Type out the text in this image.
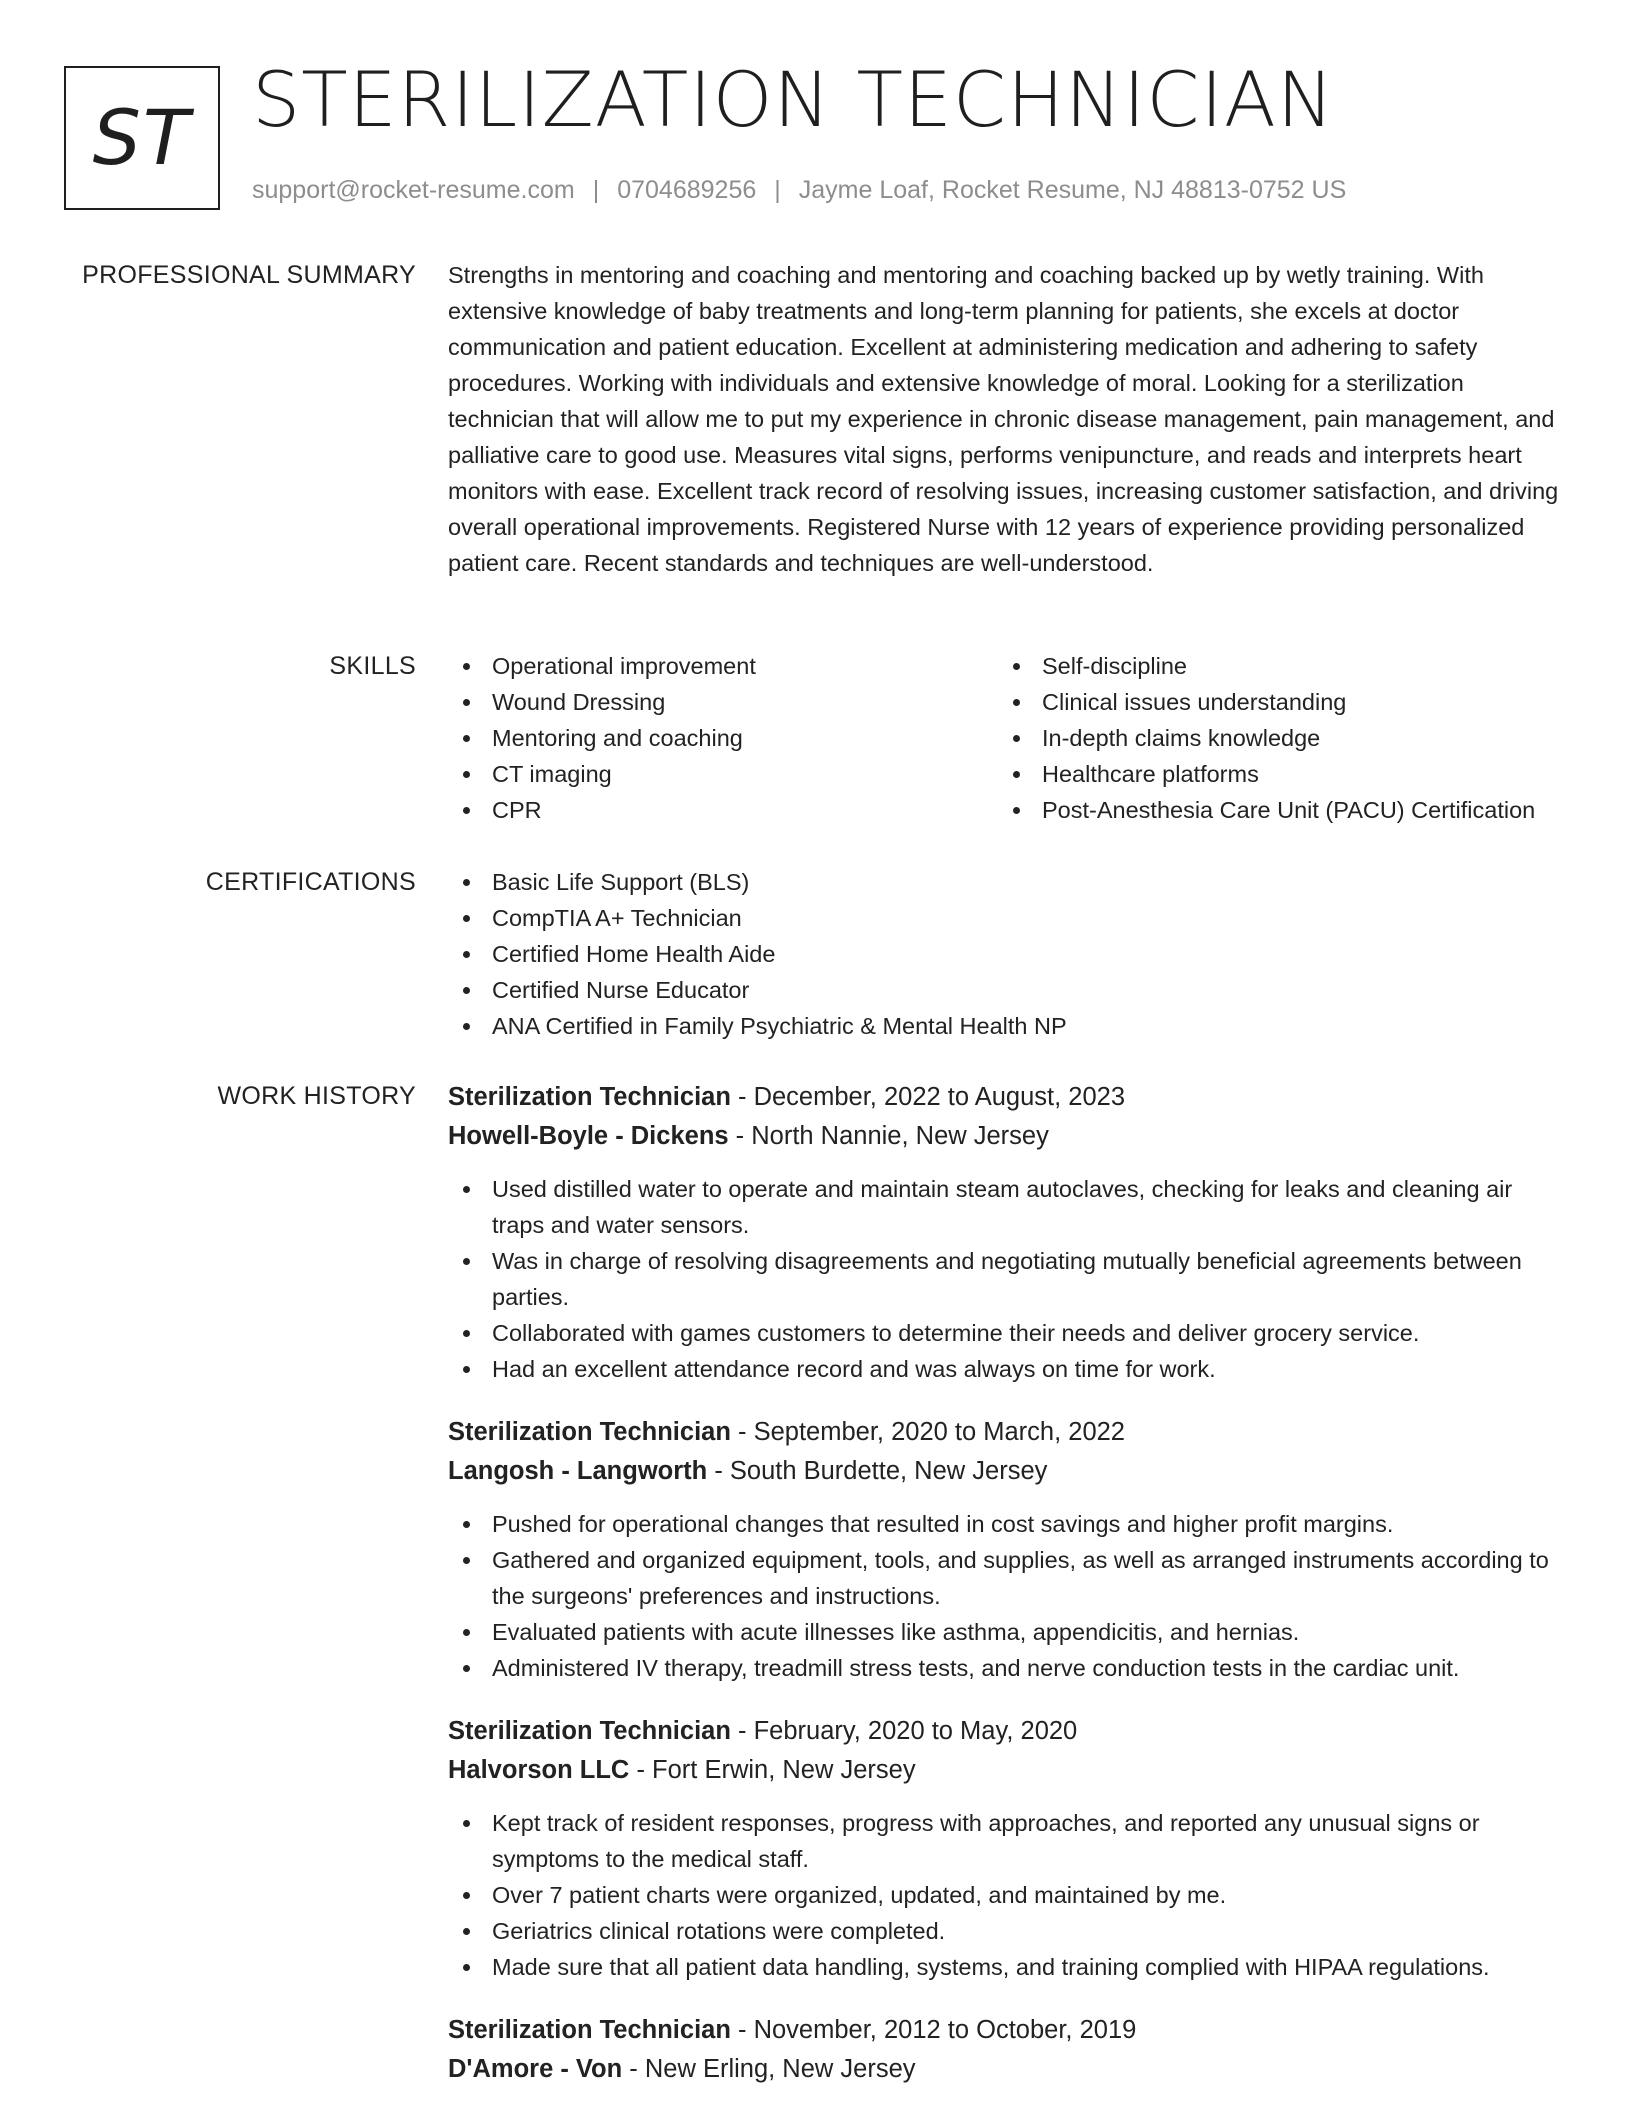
ST STERILIZATION TECHNICIAN
support@rocket-resume.com | 0704689256 | Jayme Loaf, Rocket Resume, NJ 48813-0752 US
PROFESSIONAL SUMMARY Strengths in mentoring and coaching and mentoring and coaching backed up by wetly training. With extensive knowledge of baby treatments and long-term planning for patients, she excels at doctor communication and patient education. Excellent at administering medication and adhering to safety procedures. Working with individuals and extensive knowledge of moral. Looking for a sterilization technician that will allow me to put my experience in chronic disease management, pain management, and palliative care to good use. Measures vital signs, performs venipuncture, and reads and interprets heart monitors with ease. Excellent track record of resolving issues, increasing customer satisfaction, and driving overall operational improvements. Registered Nurse with 12 years of experience providing personalized patient care. Recent standards and techniques are well-understood.
SKILLS	Operational improvement
Wound Dressing
Mentoring and coaching
CT imaging
CPR
Self-discipline
Clinical issues understanding
In-depth claims knowledge
Healthcare platforms
Post-Anesthesia Care Unit (PACU) Certification
CERTIFICATIONS	Basic Life Support (BLS)
CompTIA A+ Technician
Certified Home Health Aide
Certified Nurse Educator
ANA Certified in Family Psychiatric & Mental Health NP
WORK HISTORY Sterilization Technician - December, 2022 to August, 2023
Howell-Boyle - Dickens - North Nannie, New Jersey
Used distilled water to operate and maintain steam autoclaves, checking for leaks and cleaning air traps and water sensors.
Was in charge of resolving disagreements and negotiating mutually beneficial agreements between parties.
Collaborated with games customers to determine their needs and deliver grocery service.
Had an excellent attendance record and was always on time for work.
Sterilization Technician - September, 2020 to March, 2022
Langosh - Langworth - South Burdette, New Jersey
Pushed for operational changes that resulted in cost savings and higher profit margins.
Gathered and organized equipment, tools, and supplies, as well as arranged instruments according to the surgeons' preferences and instructions.
Evaluated patients with acute illnesses like asthma, appendicitis, and hernias.
Administered IV therapy, treadmill stress tests, and nerve conduction tests in the cardiac unit.
Sterilization Technician - February, 2020 to May, 2020
Halvorson LLC - Fort Erwin, New Jersey
Kept track of resident responses, progress with approaches, and reported any unusual signs or symptoms to the medical staff.
Over 7 patient charts were organized, updated, and maintained by me.
Geriatrics clinical rotations were completed.
Made sure that all patient data handling, systems, and training complied with HIPAA regulations.
Sterilization Technician - November, 2012 to October, 2019
D'Amore - Von - New Erling, New Jersey
